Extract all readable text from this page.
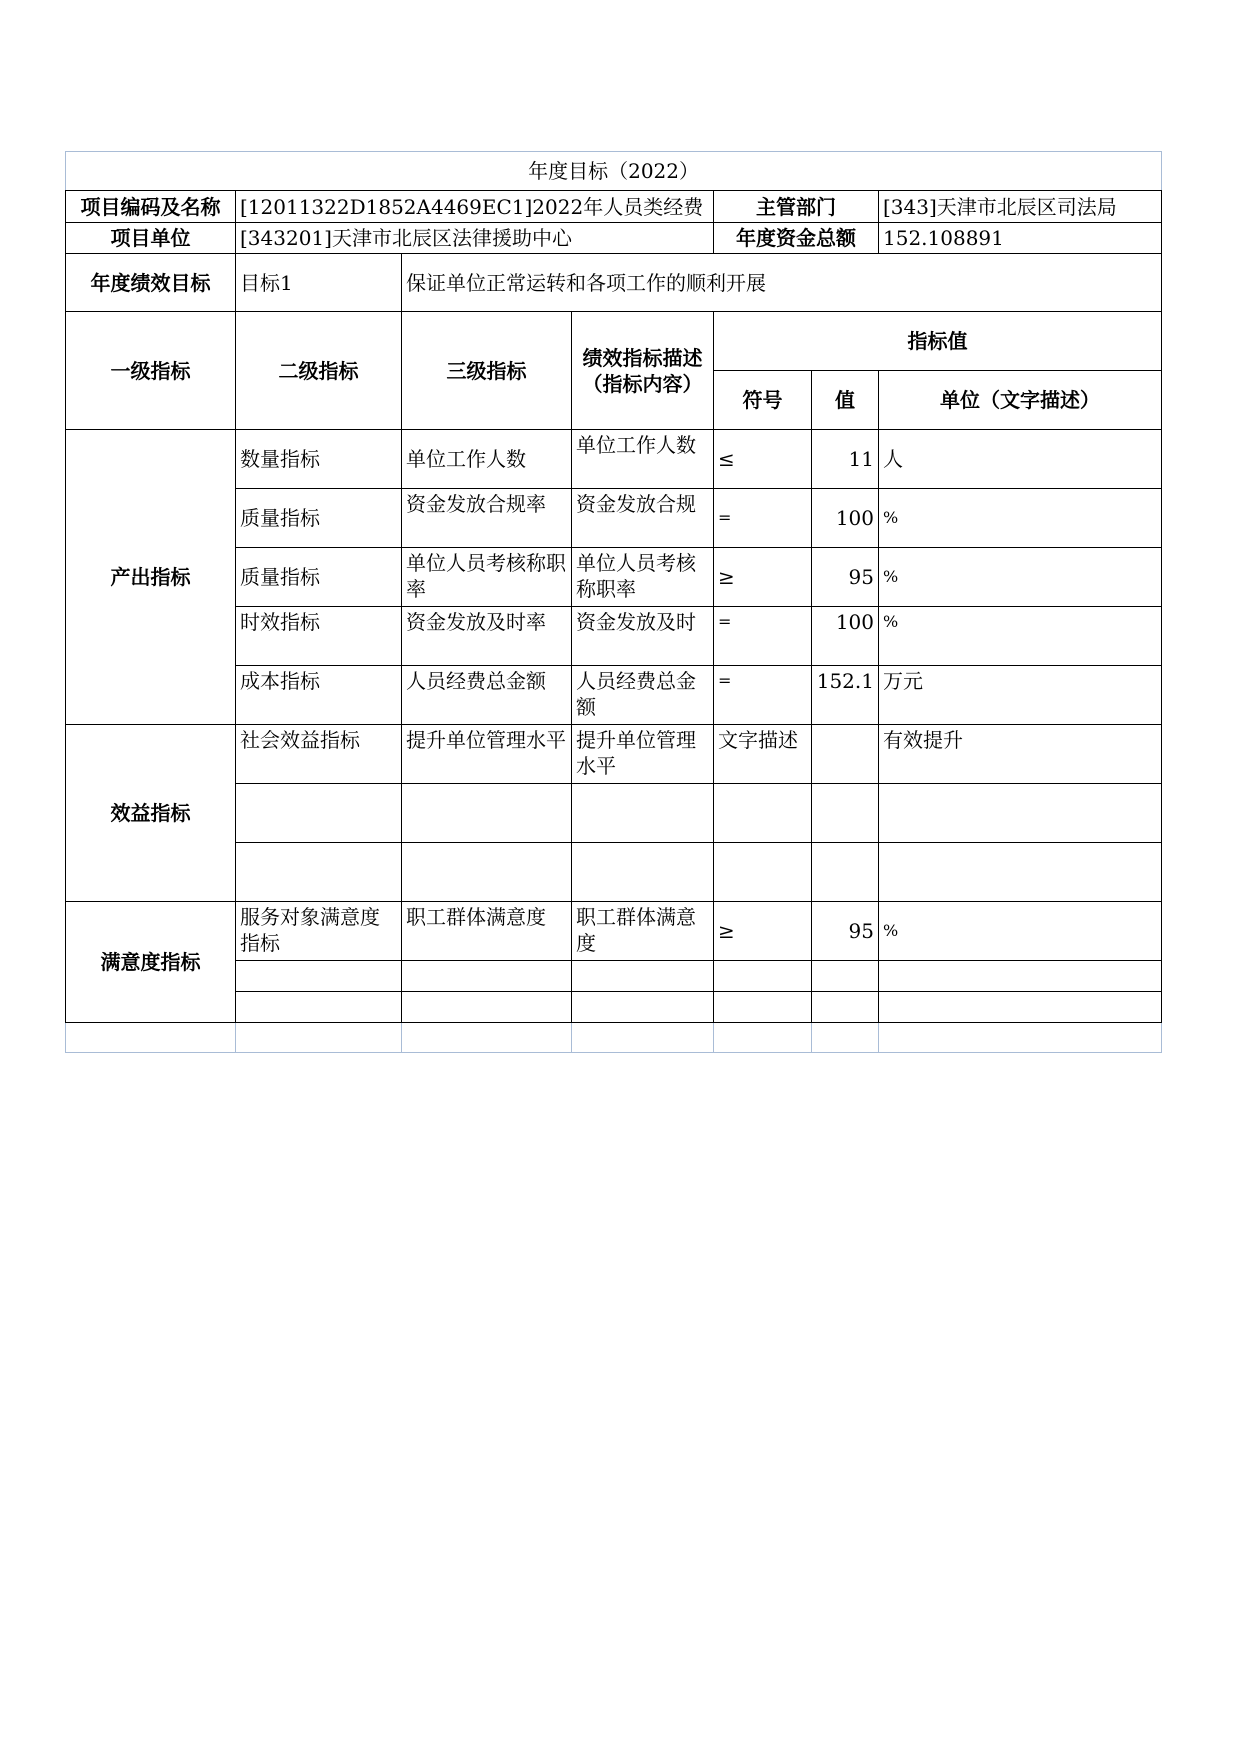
年度目标（2022）						
项目编码及名称	[12011322D1852A4469EC1]2022年人员类经费			主管部门		[343]天津市北辰区司法局
项目单位	[343201]天津市北辰区法律援助中心			年度资金总额		152.108891
年度绩效目标	目标1	保证单位正常运转和各项工作的顺利开展				
一级指标	二级指标	三级指标	绩效指标描述（指标内容）	指标值		
				符号	值	单位（文字描述）
产出指标	数量指标	单位工作人数	单位工作人数	≤	11	人
	质量指标	资金发放合规率	资金发放合规	=	100	%
	质量指标	单位人员考核称职率	单位人员考核称职率	≥	95	%
	时效指标	资金发放及时率	资金发放及时	=	100	%
	成本指标	人员经费总金额	人员经费总金额	=	152.1	万元
效益指标	社会效益指标	提升单位管理水平	提升单位管理水平	文字描述		有效提升

满意度指标	服务对象满意度指标	职工群体满意度	职工群体满意度	≥	95	%
